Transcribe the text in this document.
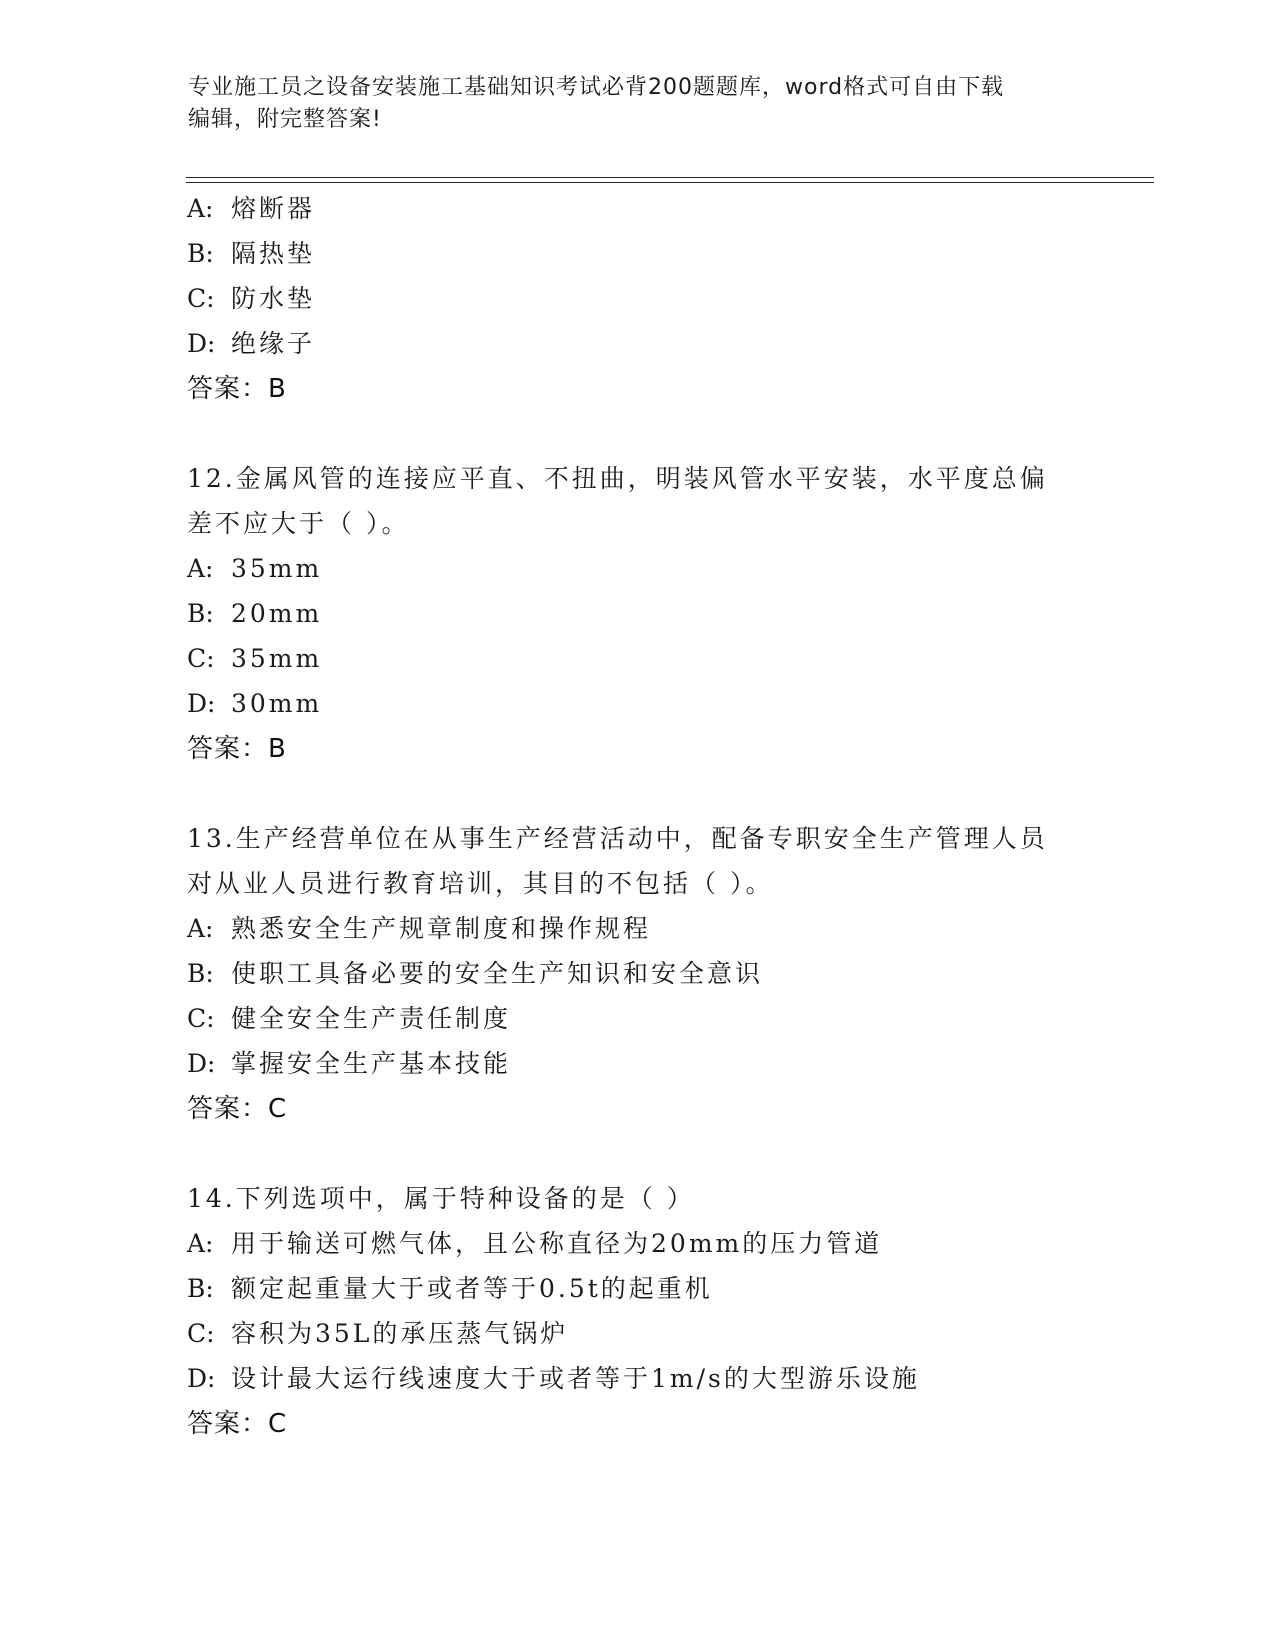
专业施工员之设备安装施工基础知识考试必背200题题库，word格式可自由下载
编辑，附完整答案!
A: 熔断器
B: 隔热垫
C: 防水垫
D: 绝缘子
答案：B
12.金属风管的连接应平直、不扭曲，明装风管水平安装，水平度总偏
差不应大于（ ）。
A: 35mm
B: 20mm
C: 35mm
D: 30mm
答案：B
13.生产经营单位在从事生产经营活动中，配备专职安全生产管理人员
对从业人员进行教育培训，其目的不包括（ ）。
A: 熟悉安全生产规章制度和操作规程
B: 使职工具备必要的安全生产知识和安全意识
C: 健全安全生产责任制度
D: 掌握安全生产基本技能
答案：C
14.下列选项中，属于特种设备的是（ ）
A: 用于输送可燃气体，且公称直径为20mm的压力管道
B: 额定起重量大于或者等于0.5t的起重机
C: 容积为35L的承压蒸气锅炉
D: 设计最大运行线速度大于或者等于1m/s的大型游乐设施
答案：C
